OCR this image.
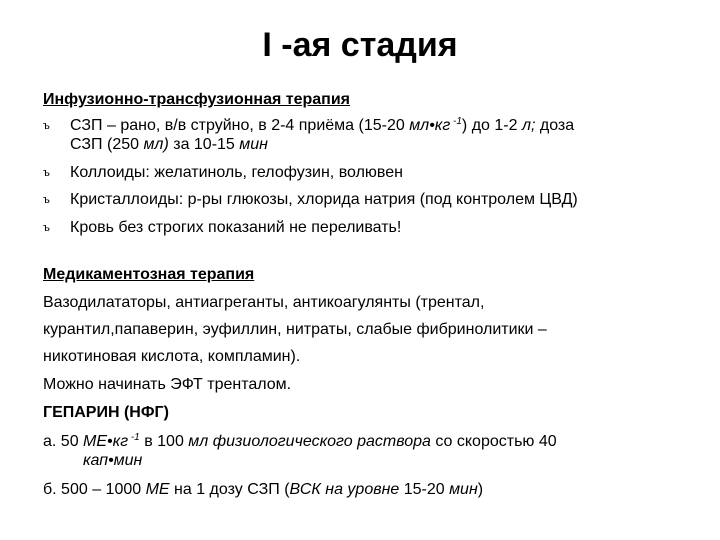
I -ая стадия
Инфузионно-трансфузионная терапия
ъ СЗП – рано, в/в струйно, в 2-4 приёма (15-20 мл•кг $^{-1}$) до 1-2 л; доза
СЗП (250 мл) за 10-15 мин
ъ Коллоиды: желатиноль, гелофузин, волювен
ъ Кристаллоиды: р-ры глюкозы, хлорида натрия (под контролем ЦВД)
ъ Кровь без строгих показаний не переливать!
Медикаментозная терапия
Вазодилататоры, антиагреганты, антикоагулянты (трентал,
курантил,папаверин, эуфиллин, нитраты, слабые фибринолитики –
никотиновая кислота, компламин).
Можно начинать ЭФТ тренталом.
ГЕПАРИН (НФГ)
а. 50 МЕ•кг $^{-1}$ в 100 мл физиологического раствора со скоростью 40
кап•мин
б. 500 – 1000 МЕ на 1 дозу СЗП (ВСК на уровне 15-20 мин)
